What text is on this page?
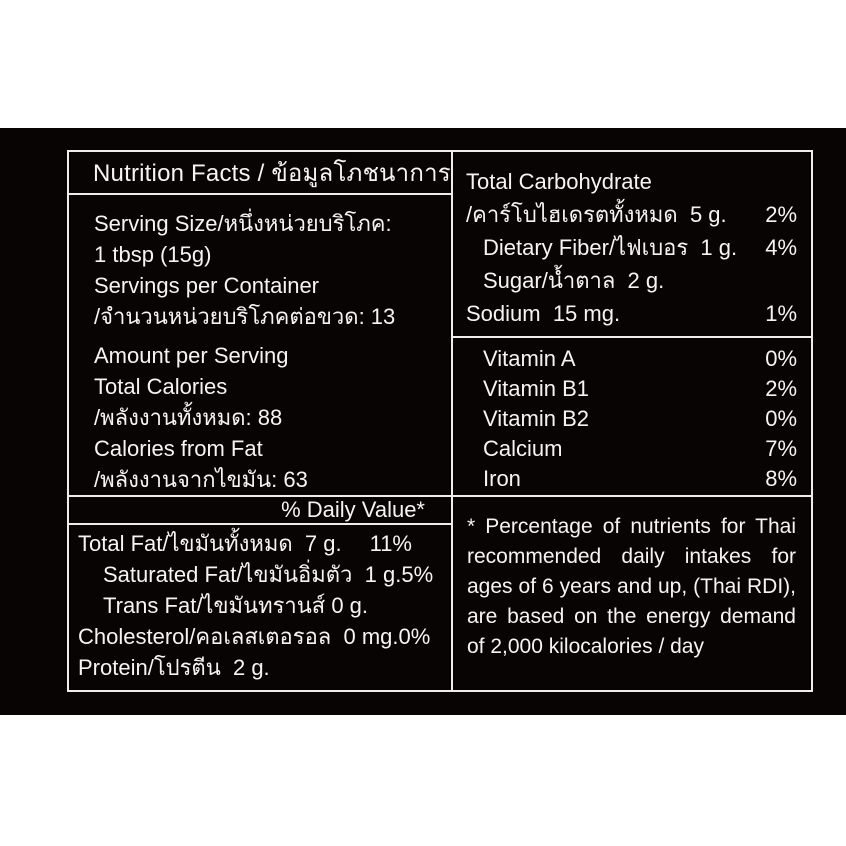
Nutrition Facts / ข้อมูลโภชนาการ
Serving Size/หนึ่งหน่วยบริโภค:
1 tbsp (15g)
Servings per Container
/จำนวนหน่วยบริโภคต่อขวด: 13
Amount per Serving
Total Calories
/พลังงานทั้งหมด: 88
Calories from Fat
/พลังงานจากไขมัน: 63
% Daily Value*
Total Fat/ไขมันทั้งหมด  7 g. 11%
Saturated Fat/ไขมันอิ่มตัว  1 g. 5%
Trans Fat/ไขมันทรานส์ 0 g.
Cholesterol/คอเลสเตอรอล  0 mg. 0%
Protein/โปรตีน  2 g.
Total Carbohydrate
/คาร์โบไฮเดรตทั้งหมด  5 g. 2%
Dietary Fiber/ไฟเบอร  1 g. 4%
Sugar/น้ำตาล  2 g.
Sodium  15 mg.	1%
Vitamin A	0%
Vitamin B1	2%
Vitamin B2	0%
Calcium	7%
Iron	8%
* Percentage of nutrients for Thai recommended daily intakes for ages of 6 years and up, (Thai RDI), are based on the energy demand of 2,000 kilocalories / day
